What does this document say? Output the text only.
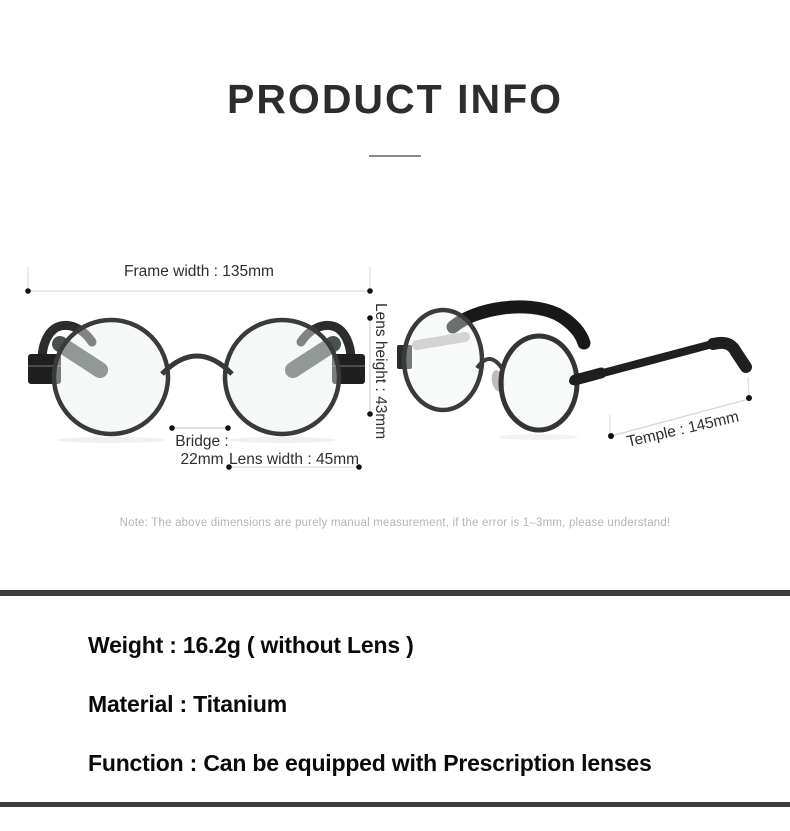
PRODUCT INFO
Frame width : 135mm
Lens height : 43mm
Bridge : 22mm Lens width : 45mm
Temple : 145mm
Note: The above dimensions are purely manual measurement, if the error is 1–3mm, please understand!
Weight : 16.2g ( without Lens )
Material : Titanium
Function : Can be equipped with Prescription lenses
